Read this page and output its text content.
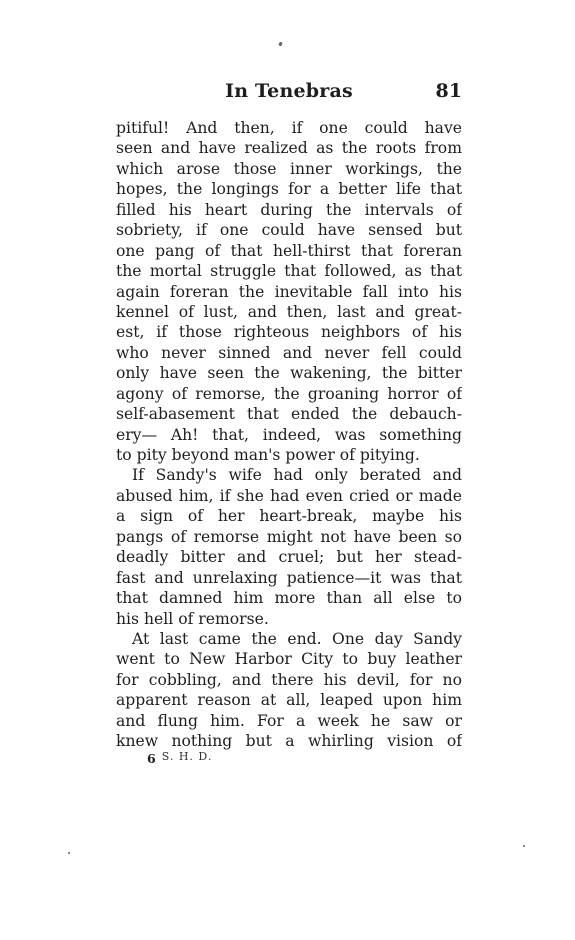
In Tenebras	81
pitiful! And then, if one could have
seen and have realized as the roots from
which arose those inner workings, the
hopes, the longings for a better life that
filled his heart during the intervals of
sobriety, if one could have sensed but
one pang of that hell-thirst that foreran
the mortal struggle that followed, as that
again foreran the inevitable fall into his
kennel of lust, and then, last and great-
est, if those righteous neighbors of his
who never sinned and never fell could
only have seen the wakening, the bitter
agony of remorse, the groaning horror of
self-abasement that ended the debauch-
ery— Ah! that, indeed, was something
to pity beyond man's power of pitying.
If Sandy's wife had only berated and
abused him, if she had even cried or made
a sign of her heart-break, maybe his
pangs of remorse might not have been so
deadly bitter and cruel; but her stead-
fast and unrelaxing patience—it was that
that damned him more than all else to
his hell of remorse.
At last came the end. One day Sandy
went to New Harbor City to buy leather
for cobbling, and there his devil, for no
apparent reason at all, leaped upon him
and flung him. For a week he saw or
knew nothing but a whirling vision of
6 S. H. D.
